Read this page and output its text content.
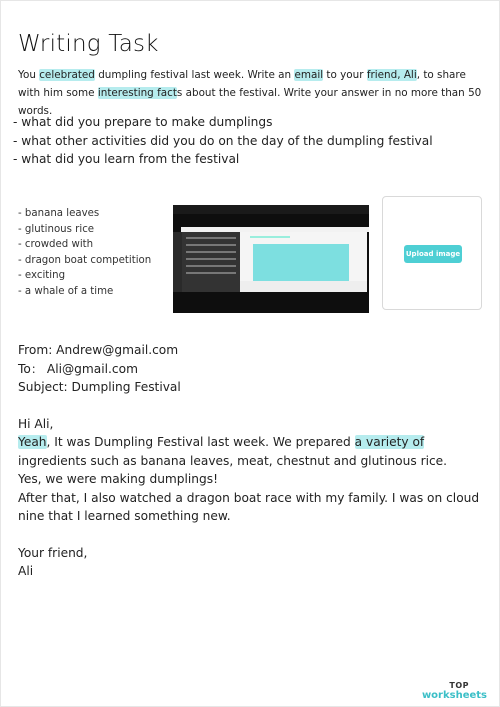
Writing Task
You celebrated dumpling festival last week. Write an email to your friend, Ali, to share with him some interesting facts about the festival. Write your answer in no more than 50 words.
- what did you prepare to make dumplings
- what other activities did you do on the day of the dumpling festival
- what did you learn from the festival
- banana leaves
- glutinous rice
- crowded with
- dragon boat competition
- exciting
- a whale of a time
Upload image
From: Andrew@gmail.com
To： Ali@gmail.com
Subject: Dumpling Festival
Hi Ali,
Yeah, It was Dumpling Festival last week. We prepared a variety of ingredients such as banana leaves, meat, chestnut and glutinous rice.
Yes, we were making dumplings!
After that, I also watched a dragon boat race with my family. I was on cloud nine that I learned something new.
Your friend,
Ali
TOP
worksheets
